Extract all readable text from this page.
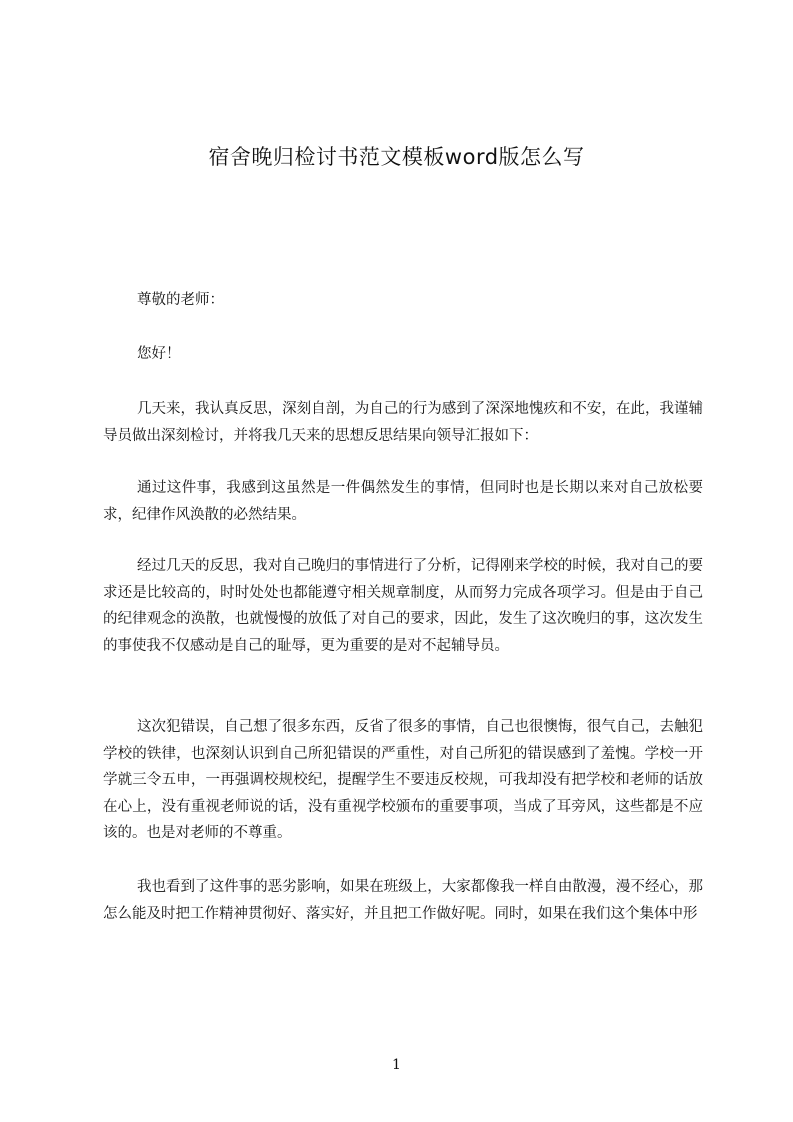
宿舍晚归检讨书范文模板word版怎么写
尊敬的老师：
您好！
几天来，我认真反思，深刻自剖，为自己的行为感到了深深地愧疚和不安，在此，我谨辅导员做出深刻检讨，并将我几天来的思想反思结果向领导汇报如下：
通过这件事，我感到这虽然是一件偶然发生的事情，但同时也是长期以来对自己放松要求，纪律作风涣散的必然结果。
经过几天的反思，我对自己晚归的事情进行了分析，记得刚来学校的时候，我对自己的要求还是比较高的，时时处处也都能遵守相关规章制度，从而努力完成各项学习。但是由于自己的纪律观念的涣散，也就慢慢的放低了对自己的要求，因此，发生了这次晚归的事，这次发生的事使我不仅感动是自己的耻辱，更为重要的是对不起辅导员。
这次犯错误，自己想了很多东西，反省了很多的事情，自己也很懊悔，很气自己，去触犯学校的铁律，也深刻认识到自己所犯错误的严重性，对自己所犯的错误感到了羞愧。学校一开学就三令五申，一再强调校规校纪，提醒学生不要违反校规，可我却没有把学校和老师的话放在心上，没有重视老师说的话，没有重视学校颁布的重要事项，当成了耳旁风，这些都是不应该的。也是对老师的不尊重。
我也看到了这件事的恶劣影响，如果在班级上，大家都像我一样自由散漫，漫不经心，那怎么能及时把工作精神贯彻好、落实好，并且把工作做好呢。同时，如果在我们这个集体中形
1
